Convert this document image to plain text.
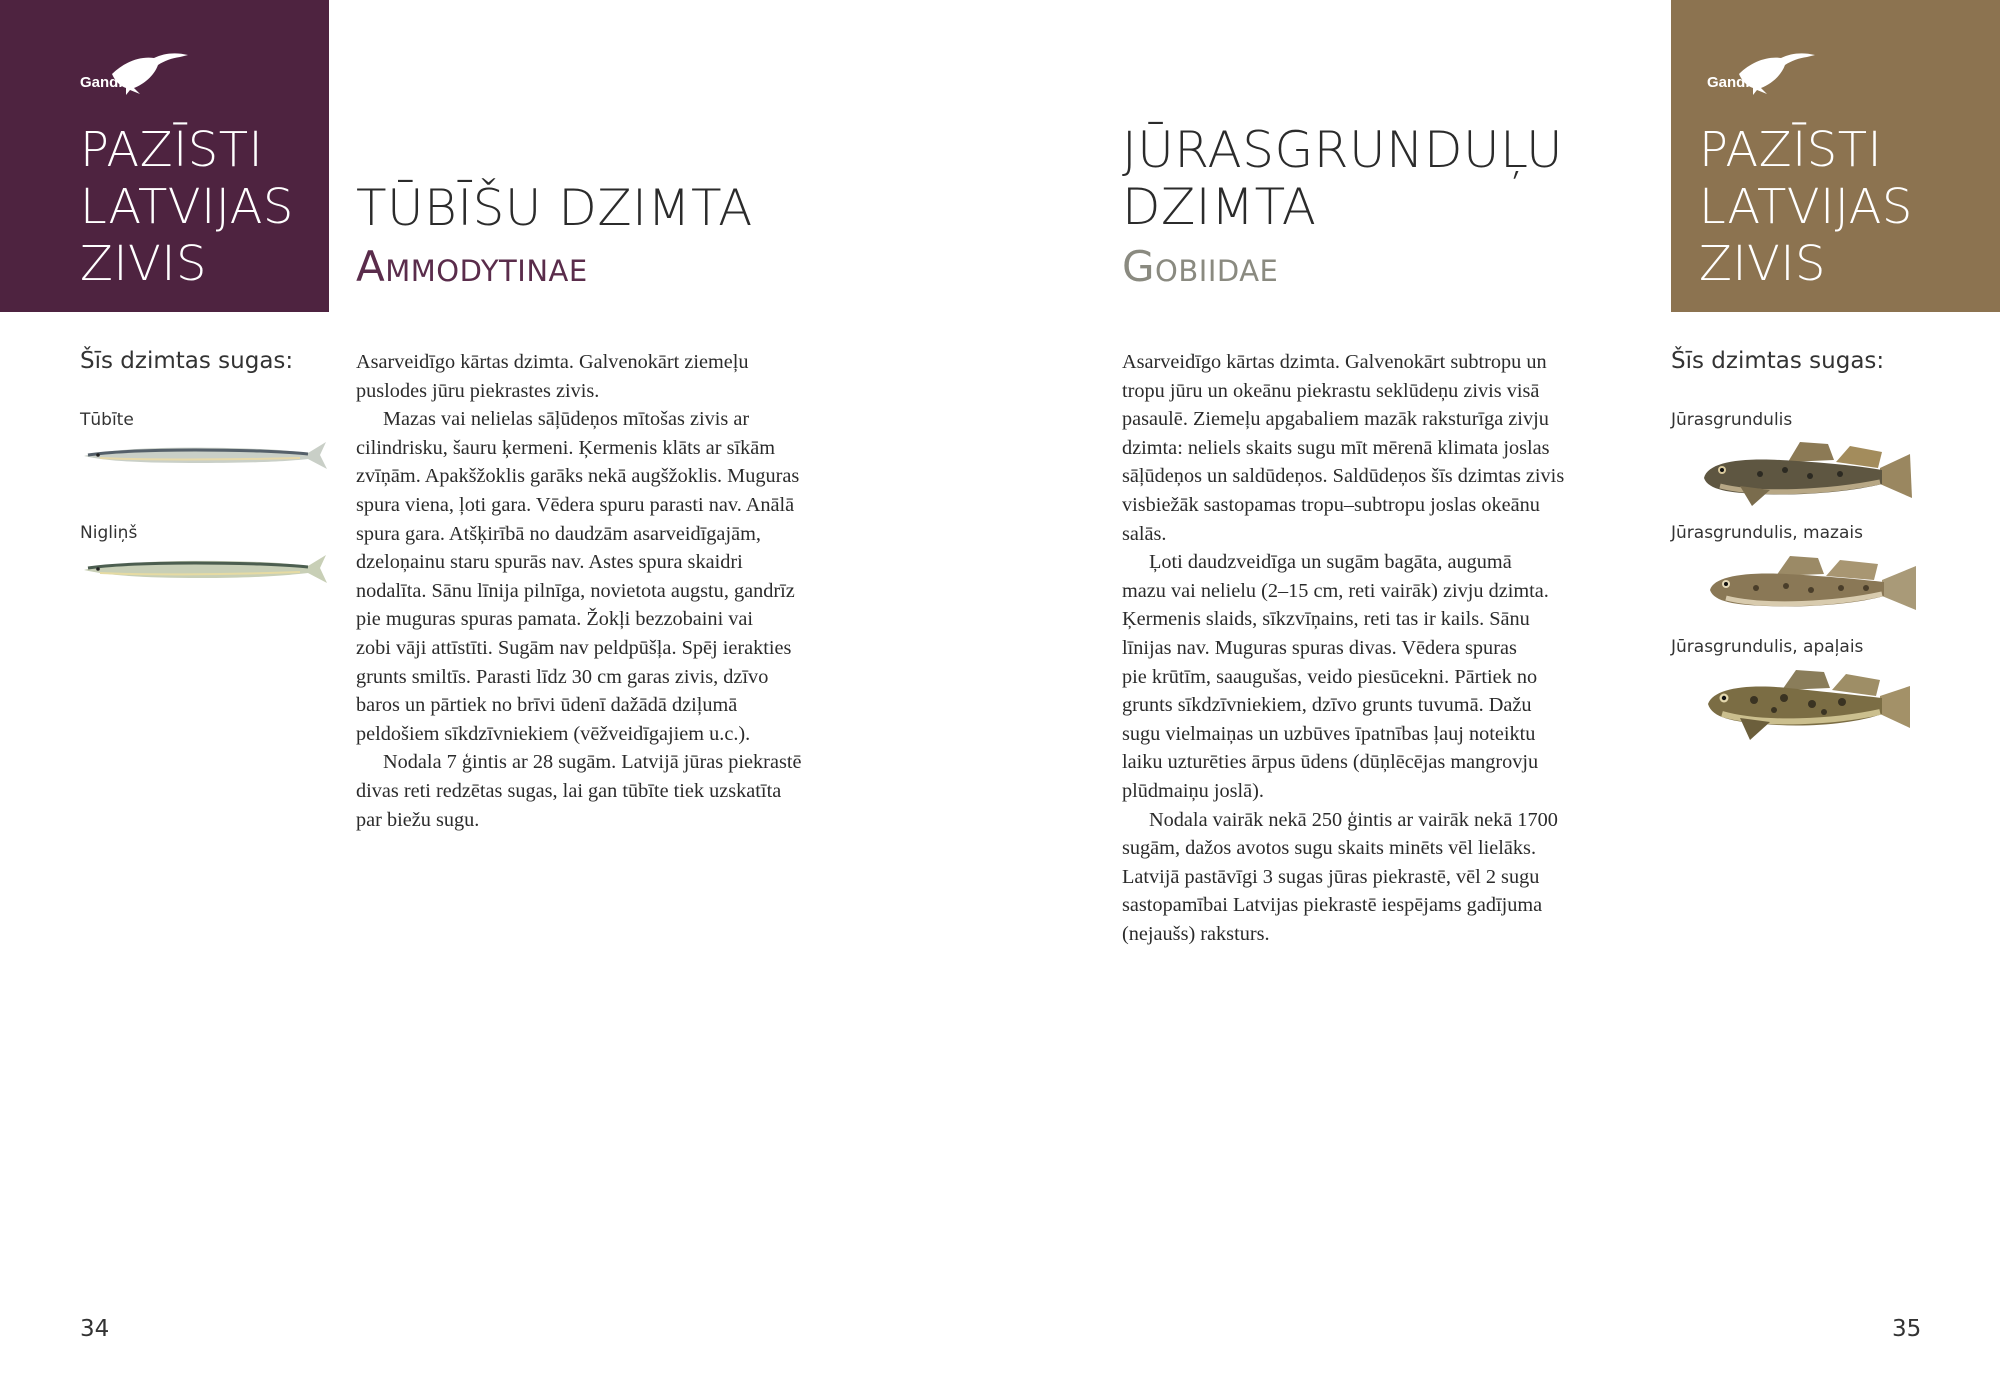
Gandrs
PAZĪSTI
LATVIJAS
ZIVIS
TŪBĪŠU DZIMTA
Ammodytinae
Šīs dzimtas sugas:
Tūbīte
Nigliņš

Asarveidīgo kārtas dzimta. Galvenokārt ziemeļu

puslodes jūru piekrastes zivis.

Mazas vai nelielas sāļūdeņos mītošas zivis ar

cilindrisku, šauru ķermeni. Ķermenis klāts ar sīkām

zvīņām. Apakšžoklis garāks nekā augšžoklis. Muguras

spura viena, ļoti gara. Vēdera spuru parasti nav. Anālā

spura gara. Atšķirībā no daudzām asarveidīgajām,

dzeloņainu staru spurās nav. Astes spura skaidri

nodalīta. Sānu līnija pilnīga, novietota augstu, gandrīz

pie muguras spuras pamata. Žokļi bezzobaini vai

zobi vāji attīstīti. Sugām nav peldpūšļa. Spēj ierakties

grunts smiltīs. Parasti līdz 30 cm garas zivis, dzīvo

baros un pārtiek no brīvi ūdenī dažādā dziļumā

peldošiem sīkdzīvniekiem (vēžveidīgajiem u.c.).

Nodala 7 ģintis ar 28 sugām. Latvijā jūras piekrastē

divas reti redzētas sugas, lai gan tūbīte tiek uzskatīta

par biežu sugu.

34
Gandrs
PAZĪSTI
LATVIJAS
ZIVIS
JŪRASGRUNDUĻU
DZIMTA
Gobiidae

Asarveidīgo kārtas dzimta. Galvenokārt subtropu un

tropu jūru un okeānu piekrastu seklūdeņu zivis visā

pasaulē. Ziemeļu apgabaliem mazāk raksturīga zivju

dzimta: neliels skaits sugu mīt mērenā klimata joslas

sāļūdeņos un saldūdeņos. Saldūdeņos šīs dzimtas zivis

visbiežāk sastopamas tropu–subtropu joslas okeānu

salās.

Ļoti daudzveidīga un sugām bagāta, augumā

mazu vai nelielu (2–15 cm, reti vairāk) zivju dzimta.

Ķermenis slaids, sīkzvīņains, reti tas ir kails. Sānu

līnijas nav. Muguras spuras divas. Vēdera spuras

pie krūtīm, saaugušas, veido piesūcekni. Pārtiek no

grunts sīkdzīvniekiem, dzīvo grunts tuvumā. Dažu

sugu vielmaiņas un uzbūves īpatnības ļauj noteiktu

laiku uzturēties ārpus ūdens (dūņlēcējas mangrovju

plūdmaiņu joslā).

Nodala vairāk nekā 250 ģintis ar vairāk nekā 1700

sugām, dažos avotos sugu skaits minēts vēl lielāks.

Latvijā pastāvīgi 3 sugas jūras piekrastē, vēl 2 sugu

sastopamībai Latvijas piekrastē iespējams gadījuma

(nejaušs) raksturs.

Šīs dzimtas sugas:
Jūrasgrundulis
Jūrasgrundulis, mazais
Jūrasgrundulis, apaļais
35
